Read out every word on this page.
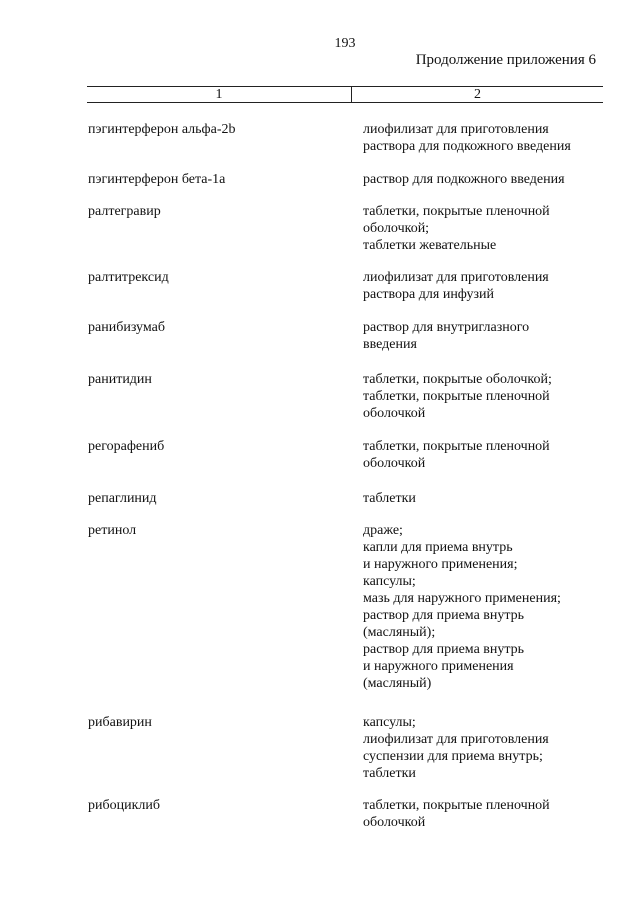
193
Продолжение приложения 6
1	2
пэгинтерферон альфа-2b	лиофилизат для приготовления
раствора для подкожного введения
пэгинтерферон бета-1а	раствор для подкожного введения
ралтегравир	таблетки, покрытые пленочной
оболочкой;
таблетки жевательные
ралтитрексид	лиофилизат для приготовления
раствора для инфузий
ранибизумаб	раствор для внутриглазного
введения
ранитидин	таблетки, покрытые оболочкой;
таблетки, покрытые пленочной
оболочкой
регорафениб	таблетки, покрытые пленочной
оболочкой
репаглинид	таблетки
ретинол	драже;
капли для приема внутрь
и наружного применения;
капсулы;
мазь для наружного применения;
раствор для приема внутрь
(масляный);
раствор для приема внутрь
и наружного применения
(масляный)
рибавирин	капсулы;
лиофилизат для приготовления
суспензии для приема внутрь;
таблетки
рибоциклиб	таблетки, покрытые пленочной
оболочкой
